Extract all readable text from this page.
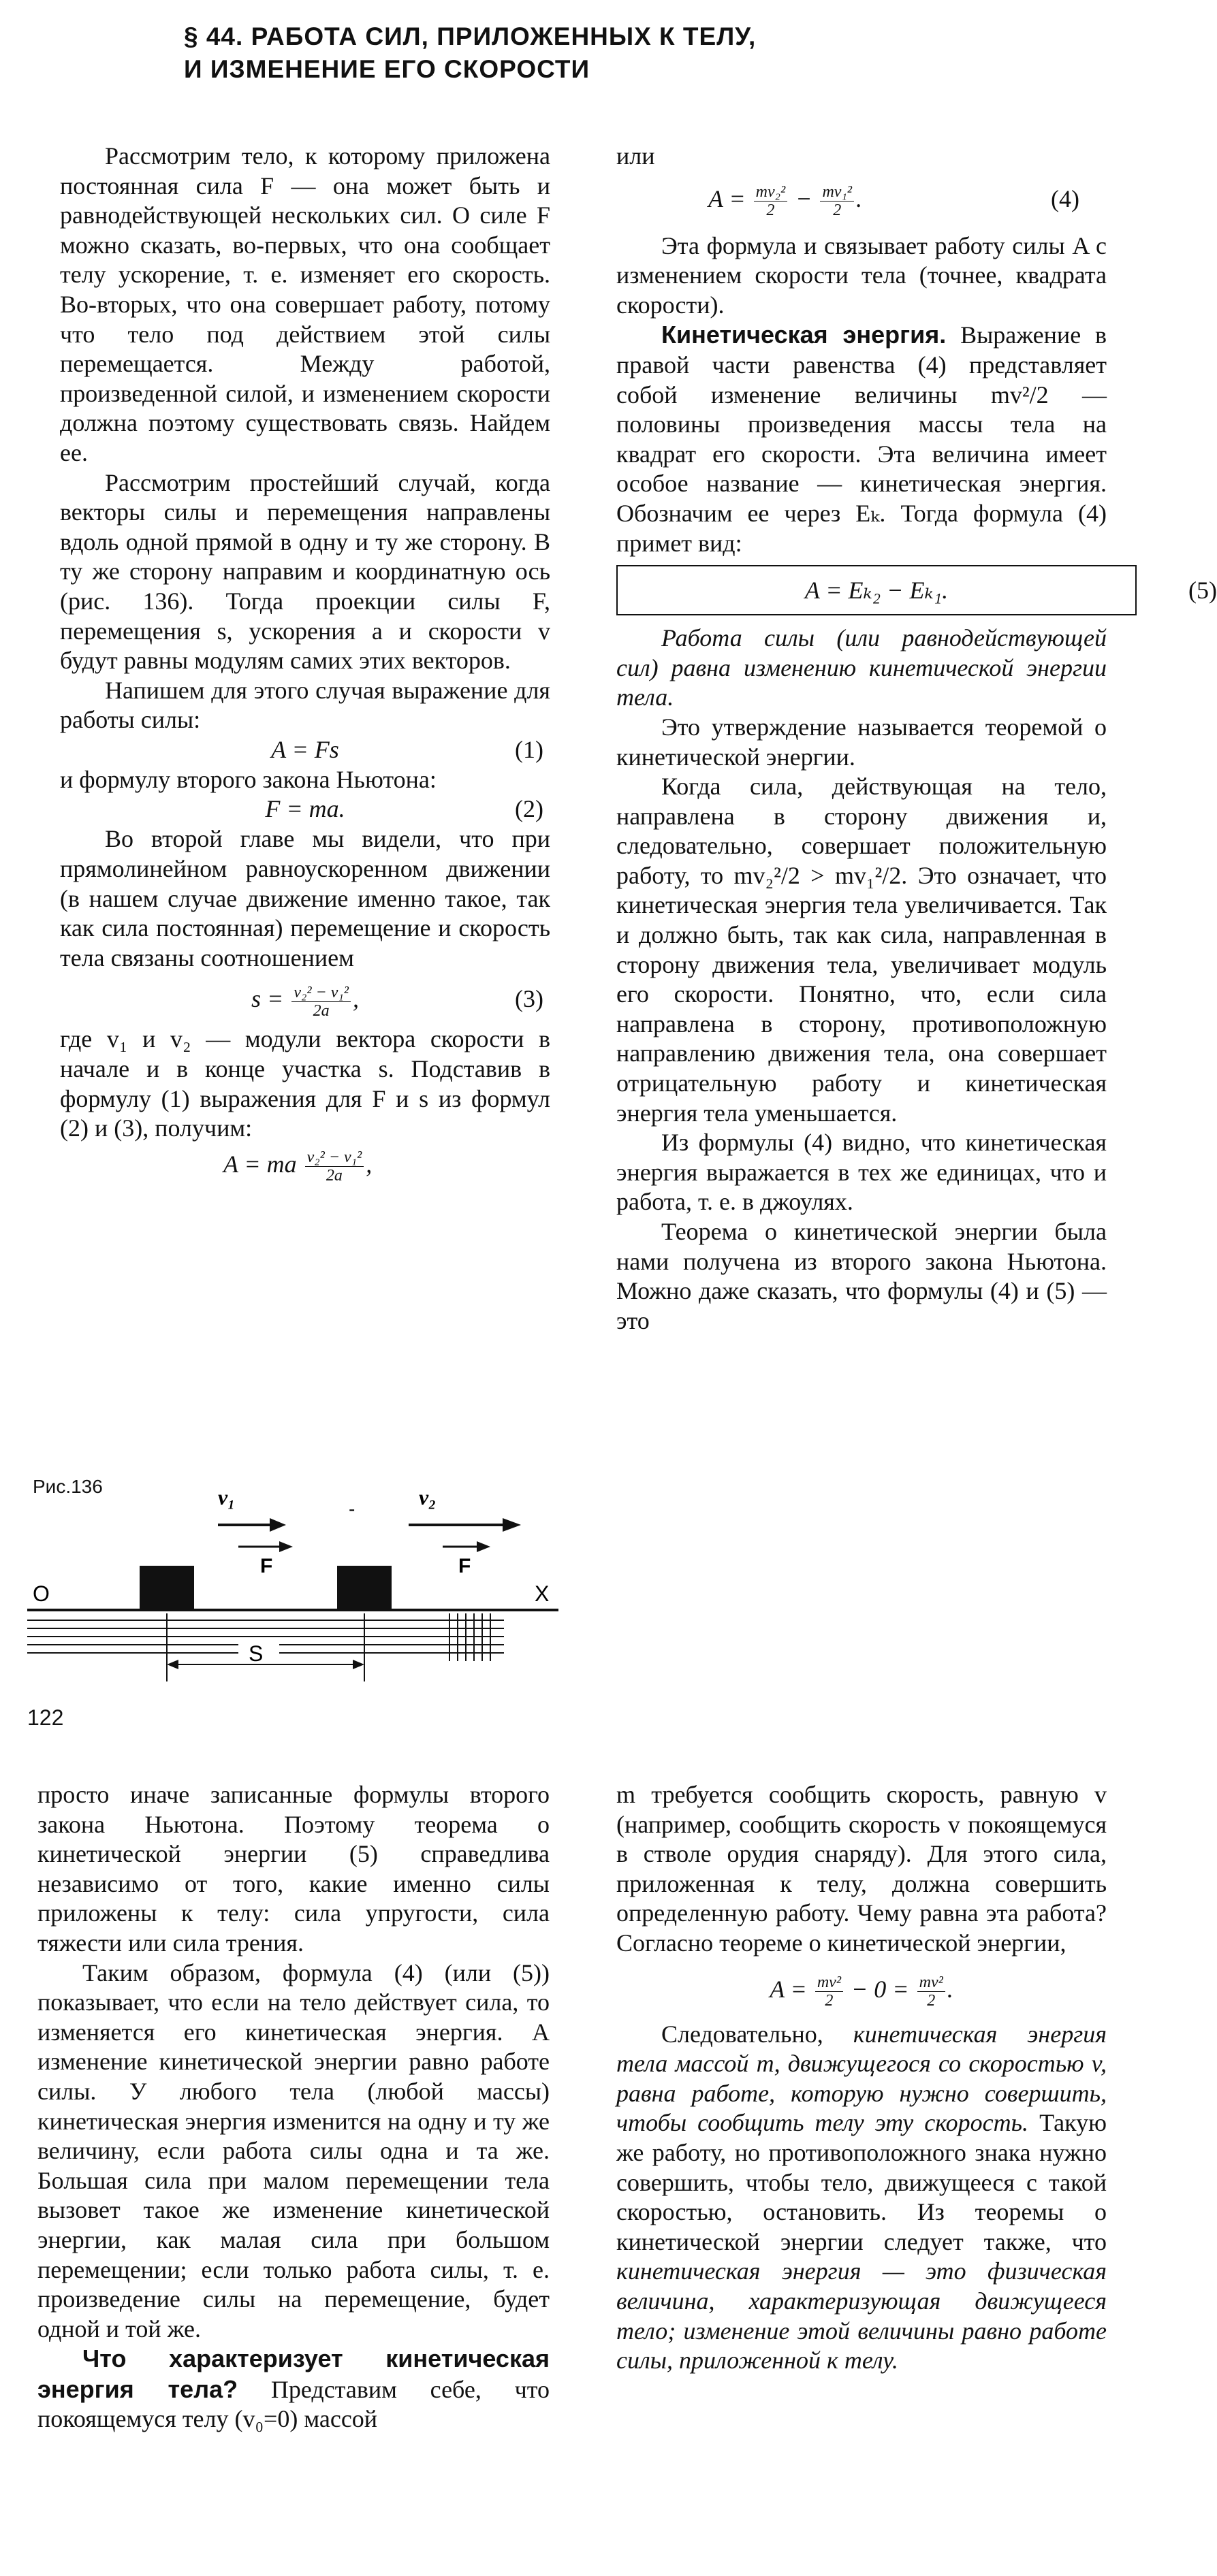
§ 44. РАБОТА СИЛ, ПРИЛОЖЕННЫХ К ТЕЛУ,
И ИЗМЕНЕНИЕ ЕГО СКОРОСТИ

Рассмотрим тело, к которому приложена постоянная сила F — она может быть и равнодействующей нескольких сил. О силе F можно сказать, во-первых, что она сообщает телу ускорение, т. е. изменяет его скорость. Во-вторых, что она совершает работу, потому что тело под действием этой силы перемещается. Между работой, произведенной силой, и изменением скорости должна поэтому существовать связь. Найдем ее.

Рассмотрим простейший случай, когда векторы силы и перемещения направлены вдоль одной прямой в одну и ту же сторону. В ту же сторону направим и координатную ось (рис. 136). Тогда проекции силы F, перемещения s, ускорения a и скорости v будут равны модулям самих этих векторов.

Напишем для этого случая выражение для работы силы:

A = Fs	(1)

и формулу второго закона Ньютона:

F = ma.	(2)

Во второй главе мы видели, что при прямолинейном равноускоренном движении (в нашем случае движение именно такое, так как сила постоянная) перемещение и скорость тела связаны соотношением

$s = \frac{\text{v₂² − v₁²}}{2a}$ ,	(3)

где v₁ и v₂ — модули вектора скорости в начале и в конце участка s. Подставив в формулу (1) выражения для F и s из формул (2) и (3), получим:

A = ma $\frac{\text{v₂² − v₁²}}{2a}$ ,
Рис.136	v₁
F
v₂
F
-
O	X
S
122

или

$A = \frac{\text{mv₂²}}{2} - \frac{\text{mv₁²}}{2}$ .	(4)

Эта формула и связывает работу силы A с изменением скорости тела (точнее, квадрата скорости).

Кинетическая энергия. Выражение в правой части равенства (4) представляет собой изменение величины mv²/2 — половины произведения массы тела на квадрат его скорости. Эта величина имеет особое название — кинетическая энергия. Обозначим ее через Eₖ. Тогда формула (4) примет вид:

A = Eₖ₂ − Eₖ₁.	(5)

Работа силы (или равнодействующей сил) равна изменению кинетической энергии тела.

Это утверждение называется теоремой о кинетической энергии.

Когда сила, действующая на тело, направлена в сторону движения и, следовательно, совершает положительную работу, то mv₂²/2 > mv₁²/2. Это означает, что кинетическая энергия тела увеличивается. Так и должно быть, так как сила, направленная в сторону движения тела, увеличивает модуль его скорости. Понятно, что, если сила направлена в сторону, противоположную направлению движения тела, она совершает отрицательную работу и кинетическая энергия тела уменьшается.

Из формулы (4) видно, что кинетическая энергия выражается в тех же единицах, что и работа, т. е. в джоулях.

Теорема о кинетической энергии была нами получена из второго закона Ньютона. Можно даже сказать, что формулы (4) и (5) — это

просто иначе записанные формулы второго закона Ньютона. Поэтому теорема о кинетической энергии (5) справедлива независимо от того, какие именно силы приложены к телу: сила упругости, сила тяжести или сила трения.

Таким образом, формула (4) (или (5)) показывает, что если на тело действует сила, то изменяется его кинетическая энергия. А изменение кинетической энергии равно работе силы. У любого тела (любой массы) кинетическая энергия изменится на одну и ту же величину, если работа силы одна и та же. Большая сила при малом перемещении тела вызовет такое же изменение кинетической энергии, как малая сила при большом перемещении; если только работа силы, т. е. произведение силы на перемещение, будет одной и той же.

Что характеризует кинетическая энергия тела? Представим себе, что покоящемуся телу (v₀=0) массой

m требуется сообщить скорость, равную v (например, сообщить скорость v покоящемуся в стволе орудия снаряду). Для этого сила, приложенная к телу, должна совершить определенную работу. Чему равна эта работа? Согласно теореме о кинетической энергии,

$A = \frac{\text{mv²}}{2} - 0 = \frac{\text{mv²}}{2}$ .

Следовательно, кинетическая энергия тела массой m, движущегося со скоростью v, равна работе, которую нужно совершить, чтобы сообщить телу эту скорость. Такую же работу, но противоположного знака нужно совершить, чтобы тело, движущееся с такой скоростью, остановить. Из теоремы о кинетической энергии следует также, что кинетическая энергия — это физическая величина, характеризующая движущееся тело; изменение этой величины равно работе силы, приложенной к телу.
